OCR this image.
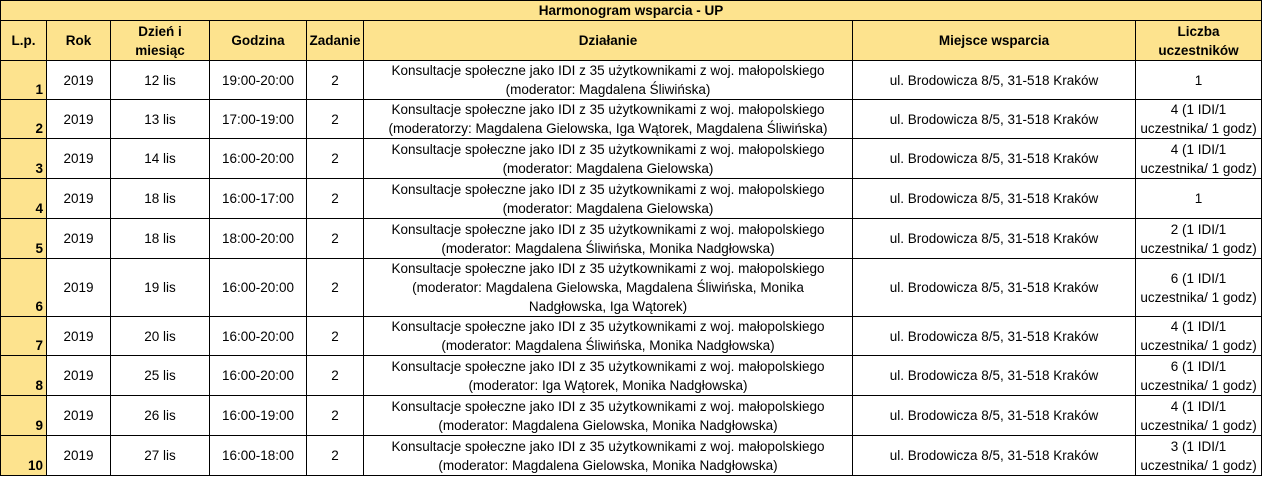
Harmonogram wsparcia - UP							
L.p.	Rok	Dzień i miesiąc	Godzina	Zadanie	Działanie	Miejsce wsparcia	Liczba uczestników
1	2019	12 lis	19:00-20:00	2	Konsultacje społeczne jako IDI z 35 użytkownikami z woj. małopolskiego
(moderator: Magdalena Śliwińska)	ul. Brodowicza 8/5, 31-518 Kraków	1
2	2019	13 lis	17:00-19:00	2	Konsultacje społeczne jako IDI z 35 użytkownikami z woj. małopolskiego
(moderatorzy: Magdalena Gielowska, Iga Wątorek, Magdalena Śliwińska)	ul. Brodowicza 8/5, 31-518 Kraków	4 (1 IDI/1
uczestnika/ 1 godz)
3	2019	14 lis	16:00-20:00	2	Konsultacje społeczne jako IDI z 35 użytkownikami z woj. małopolskiego
(moderator: Magdalena Gielowska)	ul. Brodowicza 8/5, 31-518 Kraków	4 (1 IDI/1
uczestnika/ 1 godz)
4	2019	18 lis	16:00-17:00	2	Konsultacje społeczne jako IDI z 35 użytkownikami z woj. małopolskiego
(moderator: Magdalena Gielowska)	ul. Brodowicza 8/5, 31-518 Kraków	1
5	2019	18 lis	18:00-20:00	2	Konsultacje społeczne jako IDI z 35 użytkownikami z woj. małopolskiego
(moderator: Magdalena Śliwińska, Monika Nadgłowska)	ul. Brodowicza 8/5, 31-518 Kraków	2 (1 IDI/1
uczestnika/ 1 godz)
6	2019	19 lis	16:00-20:00	2	Konsultacje społeczne jako IDI z 35 użytkownikami z woj. małopolskiego
(moderator: Magdalena Gielowska, Magdalena Śliwińska, Monika
Nadgłowska, Iga Wątorek)	ul. Brodowicza 8/5, 31-518 Kraków	6 (1 IDI/1
uczestnika/ 1 godz)
7	2019	20 lis	16:00-20:00	2	Konsultacje społeczne jako IDI z 35 użytkownikami z woj. małopolskiego
(moderator: Magdalena Śliwińska, Monika Nadgłowska)	ul. Brodowicza 8/5, 31-518 Kraków	4 (1 IDI/1
uczestnika/ 1 godz)
8	2019	25 lis	16:00-20:00	2	Konsultacje społeczne jako IDI z 35 użytkownikami z woj. małopolskiego
(moderator: Iga Wątorek, Monika Nadgłowska)	ul. Brodowicza 8/5, 31-518 Kraków	6 (1 IDI/1
uczestnika/ 1 godz)
9	2019	26 lis	16:00-19:00	2	Konsultacje społeczne jako IDI z 35 użytkownikami z woj. małopolskiego
(moderator: Magdalena Gielowska, Monika Nadgłowska)	ul. Brodowicza 8/5, 31-518 Kraków	4 (1 IDI/1
uczestnika/ 1 godz)
10	2019	27 lis	16:00-18:00	2	Konsultacje społeczne jako IDI z 35 użytkownikami z woj. małopolskiego
(moderator: Magdalena Gielowska, Monika Nadgłowska)	ul. Brodowicza 8/5, 31-518 Kraków	3 (1 IDI/1
uczestnika/ 1 godz)
